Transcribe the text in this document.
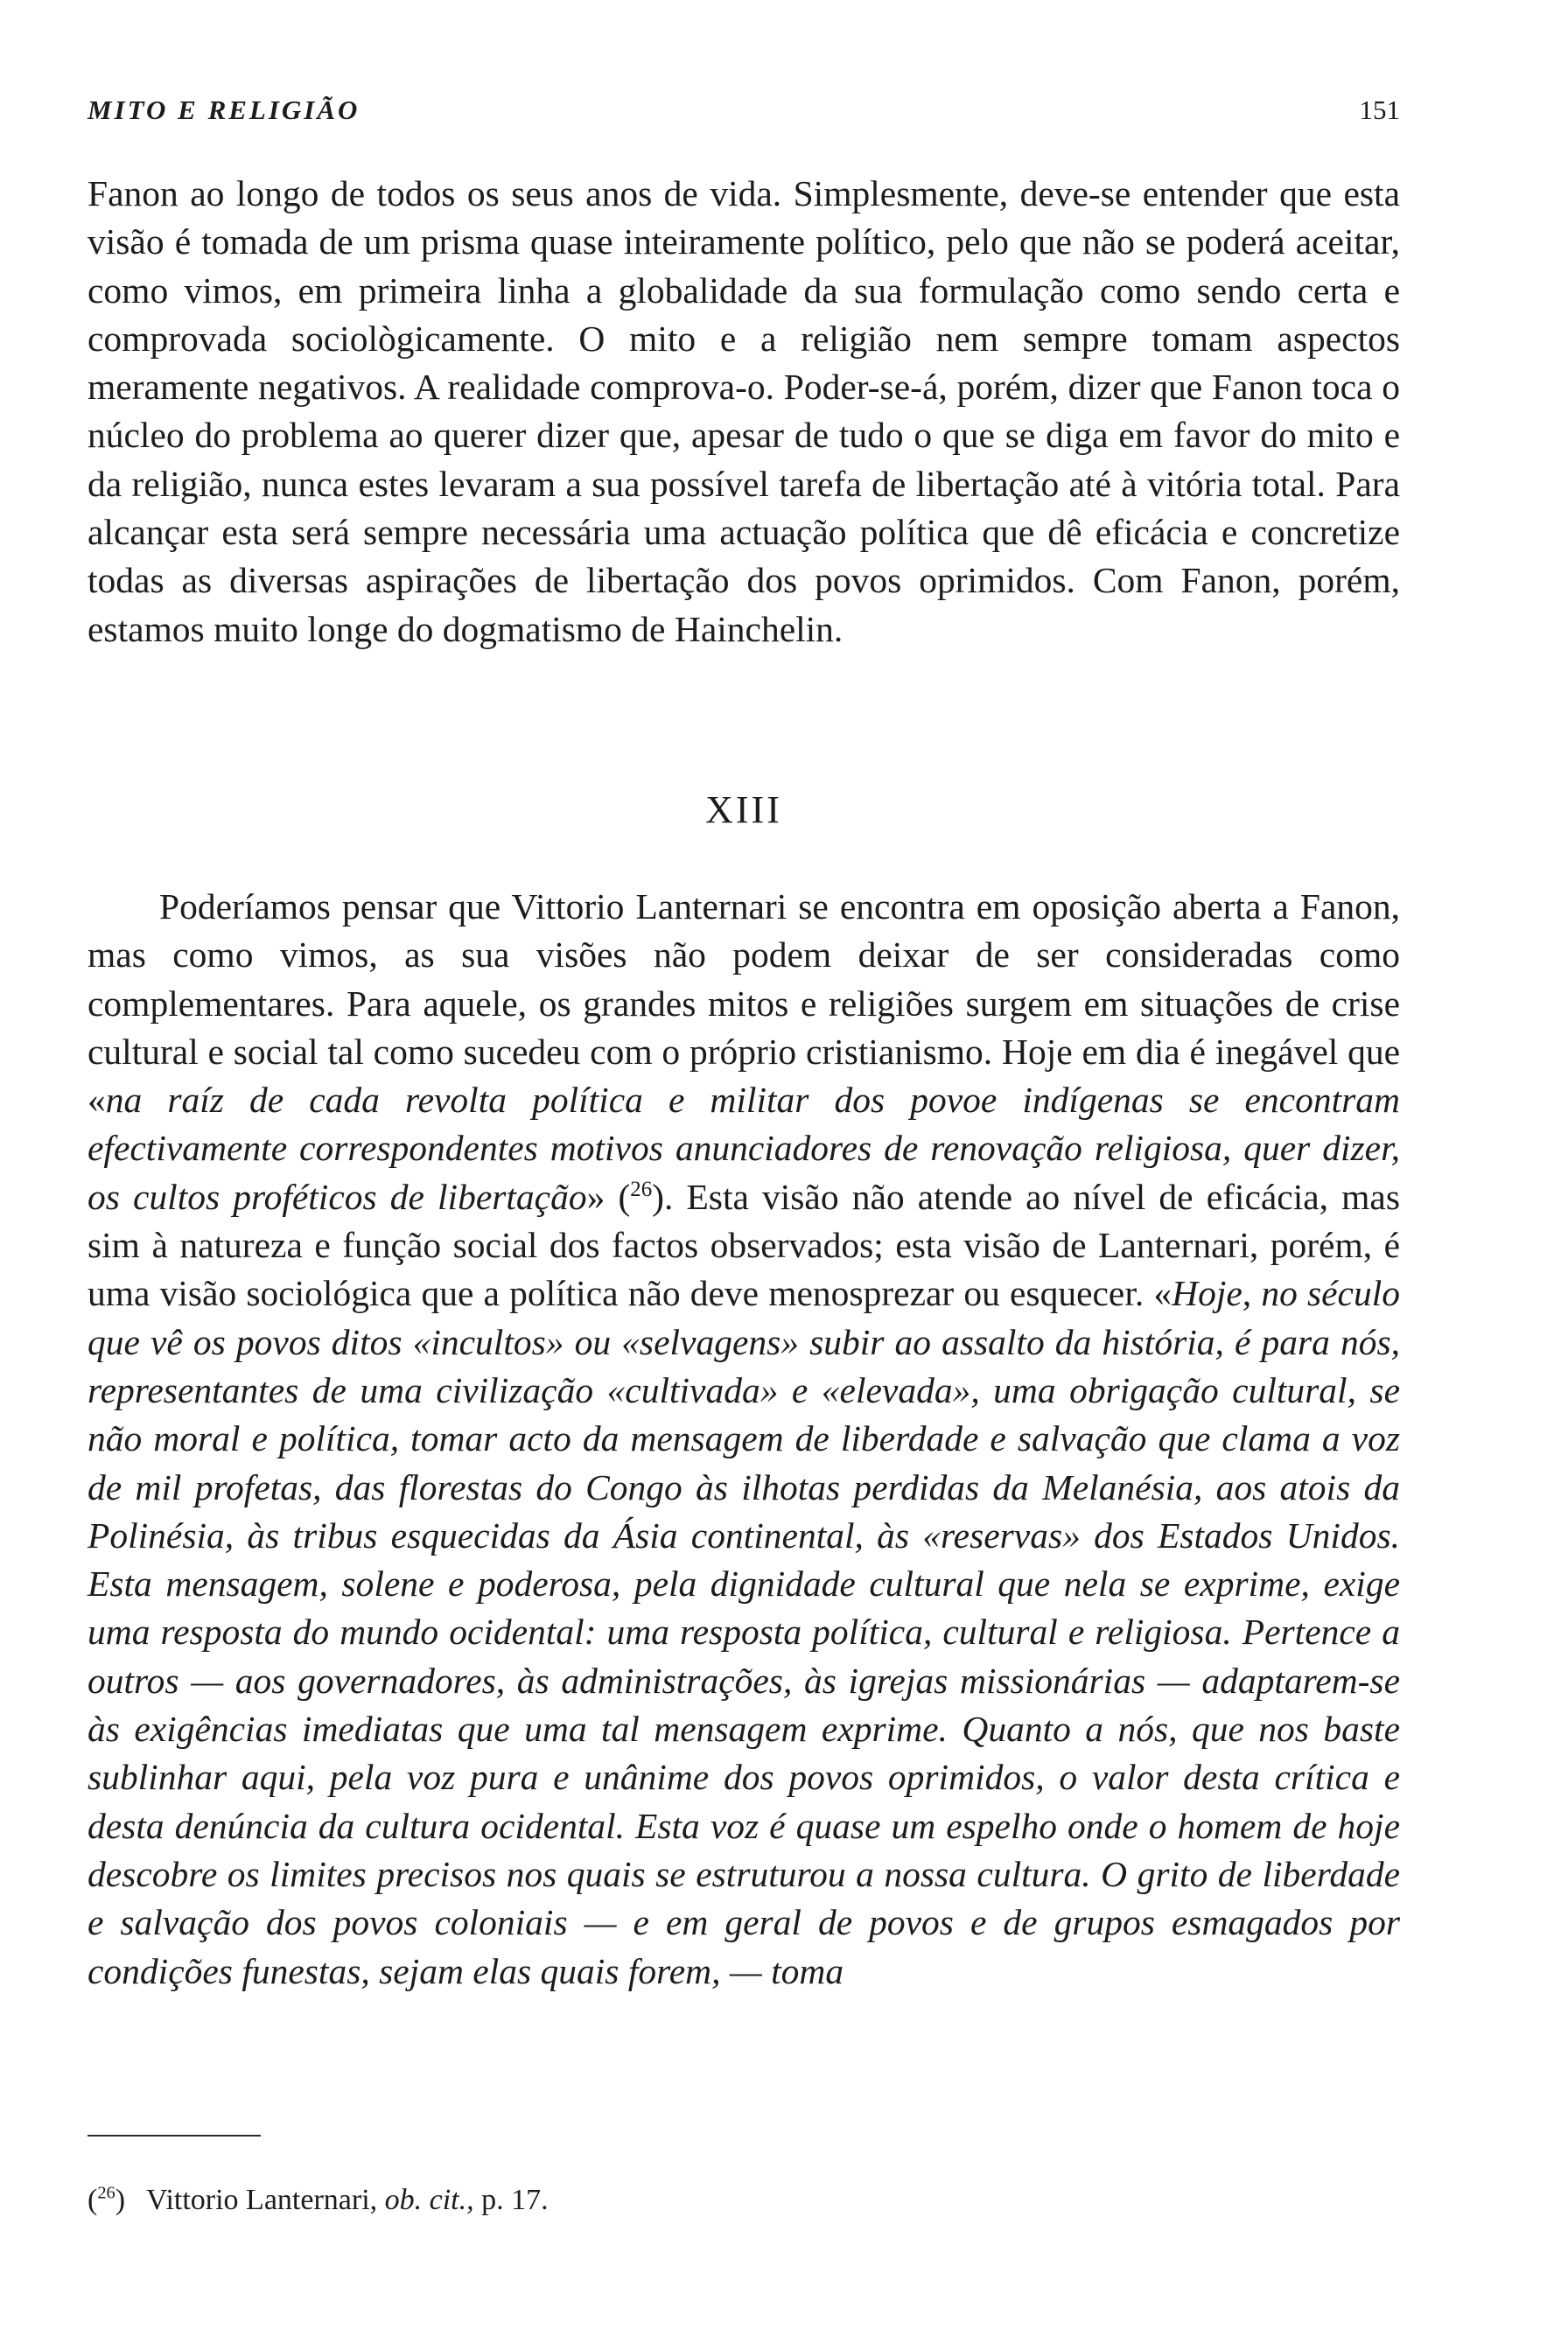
MITO E RELIGIÃO	151

Fanon ao longo de todos os seus anos de vida. Simplesmente, deve-se entender que esta visão é tomada de um prisma quase inteiramente político, pelo que não se poderá aceitar, como vimos, em primeira linha a globalidade da sua formulação como sendo certa e comprovada sociològicamente. O mito e a religião nem sempre tomam aspectos meramente negativos. A realidade comprova-o. Poder-se-á, porém, dizer que Fanon toca o núcleo do problema ao querer dizer que, apesar de tudo o que se diga em favor do mito e da religião, nunca estes levaram a sua possível tarefa de libertação até à vitória total. Para alcançar esta será sempre necessária uma actuação política que dê eficácia e concretize todas as diversas aspirações de libertação dos povos oprimidos. Com Fanon, porém, estamos muito longe do dogmatismo de Hainchelin.

XIII

Poderíamos pensar que Vittorio Lanternari se encontra em oposição aberta a Fanon, mas como vimos, as sua visões não podem deixar de ser consideradas como complementares. Para aquele, os grandes mitos e religiões surgem em situações de crise cultural e social tal como sucedeu com o próprio cristianismo. Hoje em dia é inegável que «na raíz de cada revolta política e militar dos povoe indígenas se encontram efectivamente correspondentes motivos anunciadores de renovação religiosa, quer dizer, os cultos proféticos de libertação» ($^{26}$). Esta visão não atende ao nível de eficácia, mas sim à natureza e função social dos factos observados; esta visão de Lanternari, porém, é uma visão sociológica que a política não deve menosprezar ou esquecer. «Hoje, no século que vê os povos ditos «incultos» ou «selvagens» subir ao assalto da história, é para nós, representantes de uma civilização «cultivada» e «elevada», uma obrigação cultural, se não moral e política, tomar acto da mensagem de liberdade e salvação que clama a voz de mil profetas, das florestas do Congo às ilhotas perdidas da Melanésia, aos atois da Polinésia, às tribus esquecidas da Ásia continental, às «reservas» dos Estados Unidos. Esta mensagem, solene e poderosa, pela dignidade cultural que nela se exprime, exige uma resposta do mundo ocidental: uma resposta política, cultural e religiosa. Pertence a outros — aos governadores, às administrações, às igrejas missionárias — adaptarem-se às exigências imediatas que uma tal mensagem exprime. Quanto a nós, que nos baste sublinhar aqui, pela voz pura e unânime dos povos oprimidos, o valor desta crítica e desta denúncia da cultura ocidental. Esta voz é quase um espelho onde o homem de hoje descobre os limites precisos nos quais se estruturou a nossa cultura. O grito de liberdade e salvação dos povos coloniais — e em geral de povos e de grupos esmagados por condições funestas, sejam elas quais forem, — toma

($^{26}$) Vittorio Lanternari, ob. cit., p. 17.
